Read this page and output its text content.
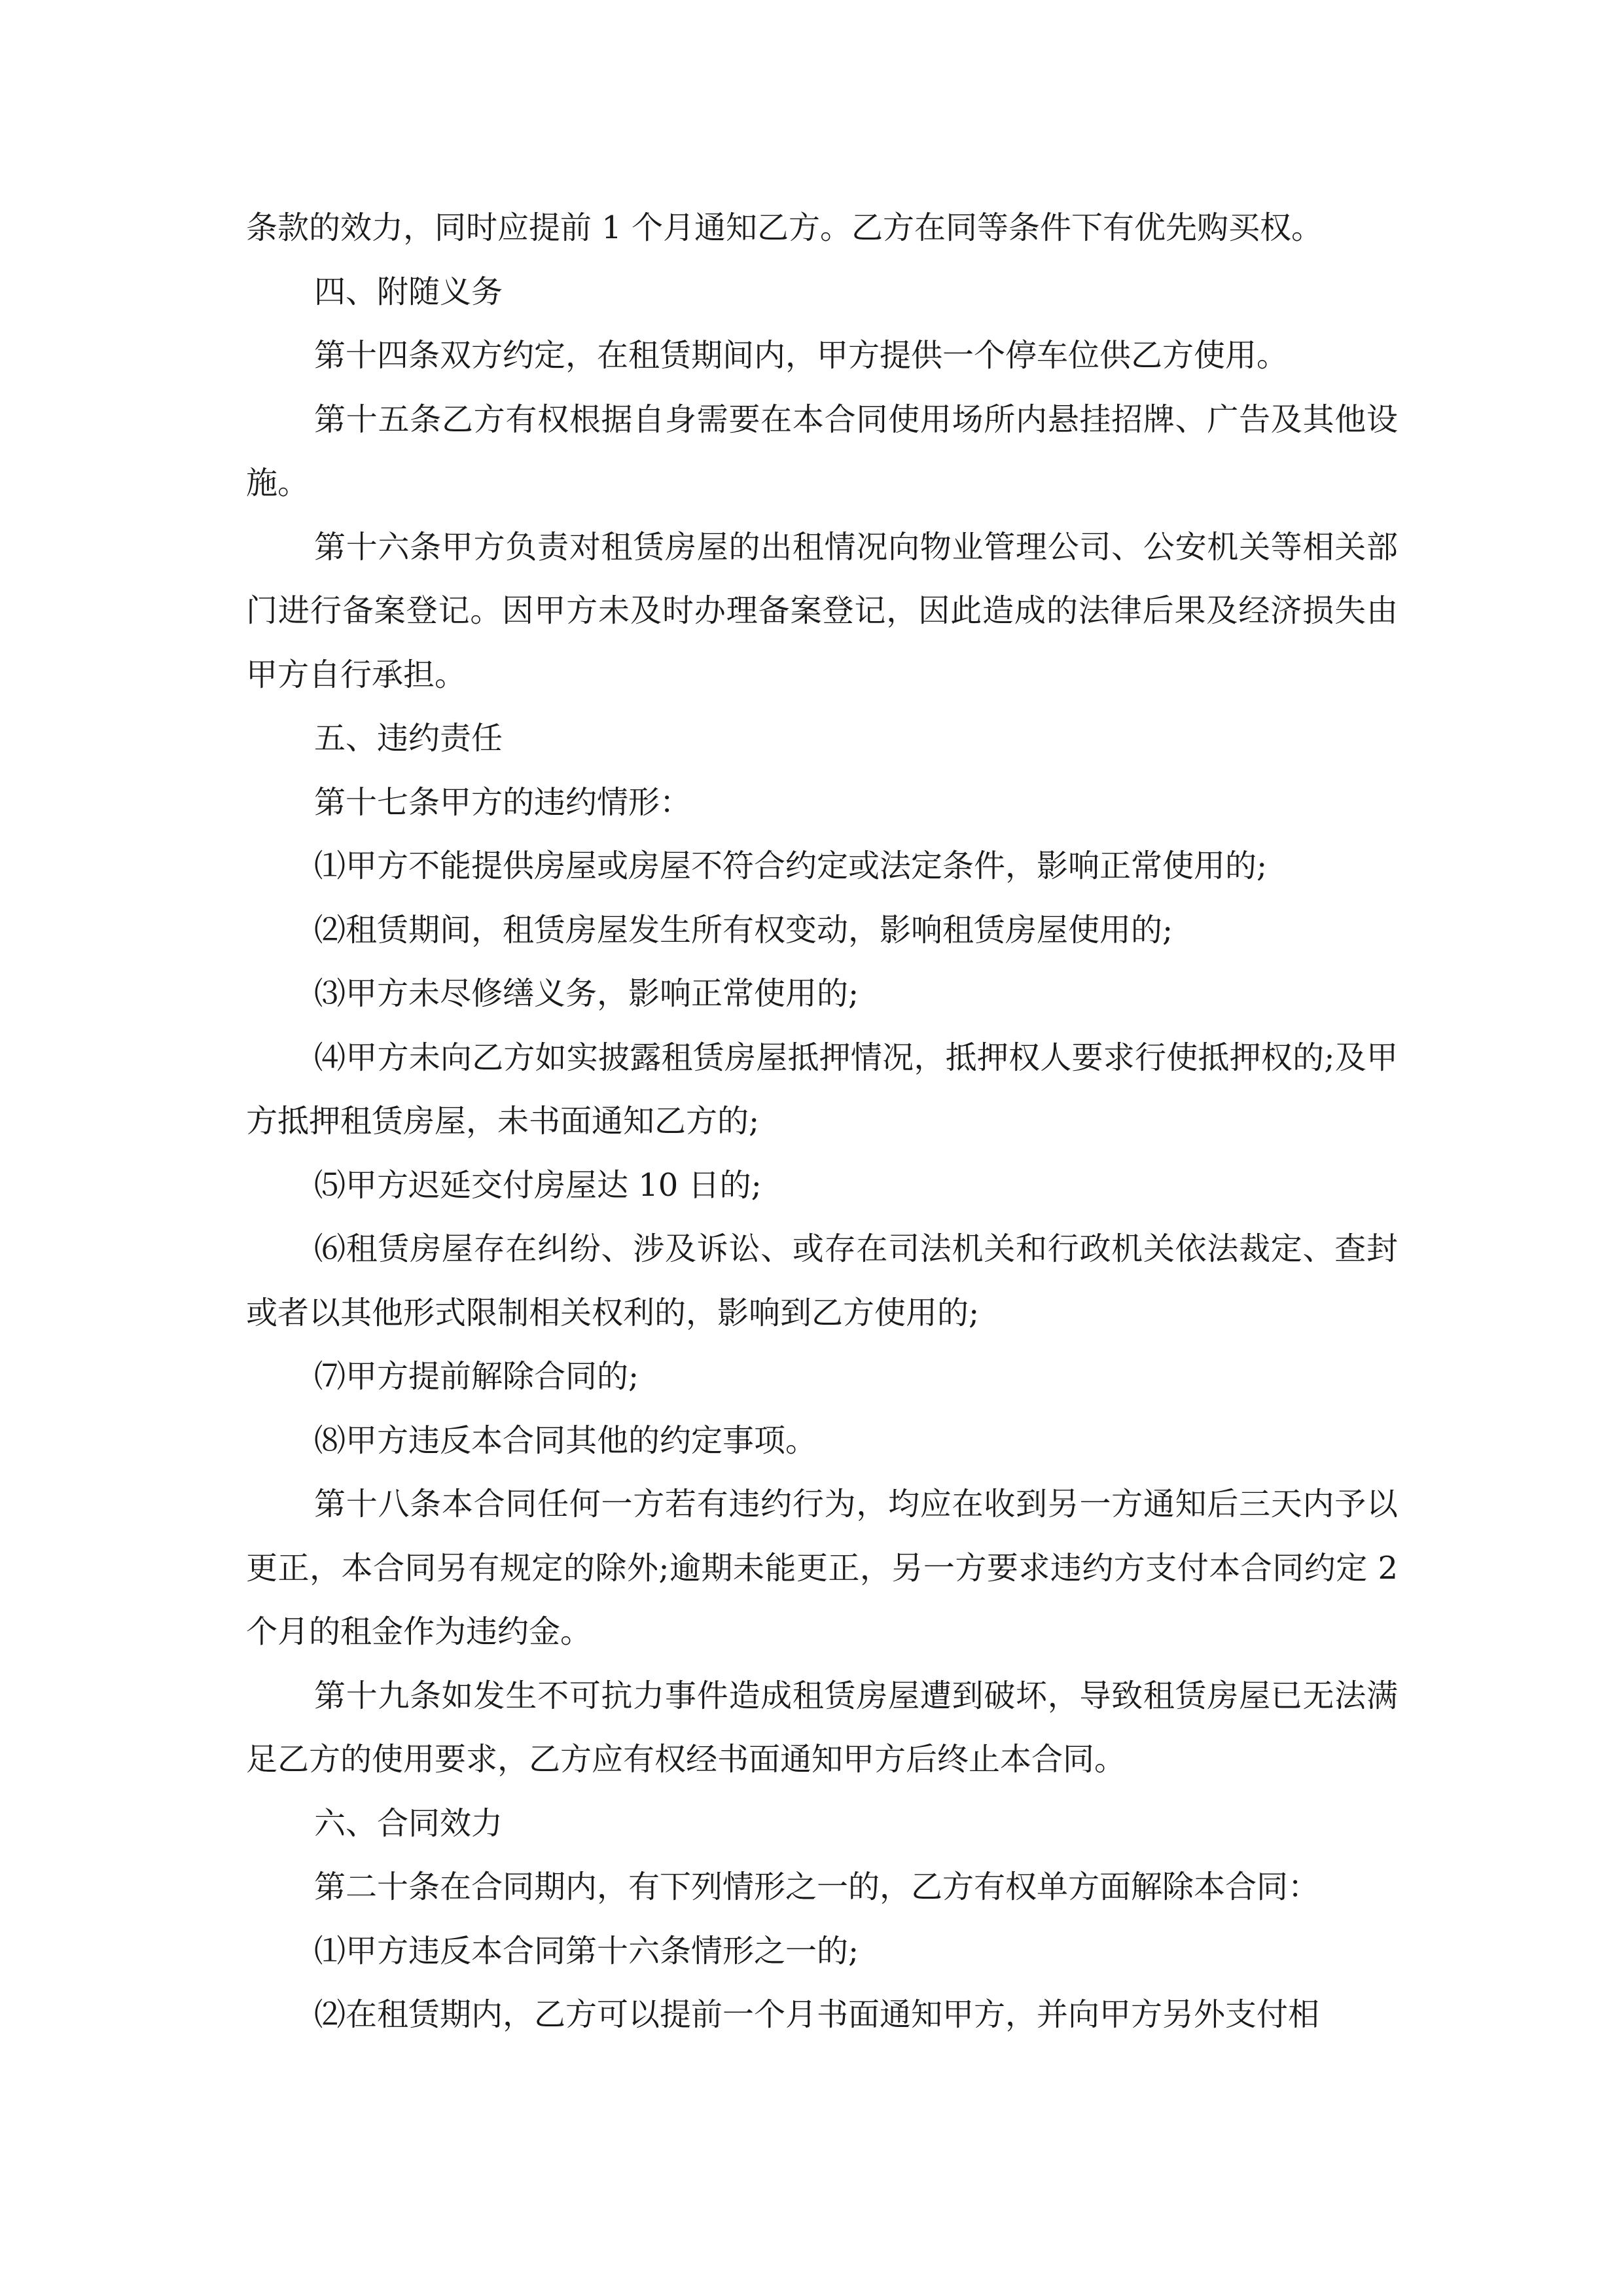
条款的效力，同时应提前 1 个月通知乙方。乙方在同等条件下有优先购买权。

四、附随义务

第十四条双方约定，在租赁期间内，甲方提供一个停车位供乙方使用。

第十五条乙方有权根据自身需要在本合同使用场所内悬挂招牌、广告及其他设施。

第十六条甲方负责对租赁房屋的出租情况向物业管理公司、公安机关等相关部门进行备案登记。因甲方未及时办理备案登记，因此造成的法律后果及经济损失由甲方自行承担。

五、违约责任

第十七条甲方的违约情形：

⑴甲方不能提供房屋或房屋不符合约定或法定条件，影响正常使用的;

⑵租赁期间，租赁房屋发生所有权变动，影响租赁房屋使用的;

⑶甲方未尽修缮义务，影响正常使用的;

⑷甲方未向乙方如实披露租赁房屋抵押情况，抵押权人要求行使抵押权的;及甲方抵押租赁房屋，未书面通知乙方的;

⑸甲方迟延交付房屋达 10 日的;

⑹租赁房屋存在纠纷、涉及诉讼、或存在司法机关和行政机关依法裁定、查封或者以其他形式限制相关权利的，影响到乙方使用的;

⑺甲方提前解除合同的;

⑻甲方违反本合同其他的约定事项。

第十八条本合同任何一方若有违约行为，均应在收到另一方通知后三天内予以更正，本合同另有规定的除外;逾期未能更正，另一方要求违约方支付本合同约定 2 个月的租金作为违约金。

第十九条如发生不可抗力事件造成租赁房屋遭到破坏，导致租赁房屋已无法满足乙方的使用要求，乙方应有权经书面通知甲方后终止本合同。

六、合同效力

第二十条在合同期内，有下列情形之一的，乙方有权单方面解除本合同：

⑴甲方违反本合同第十六条情形之一的;

⑵在租赁期内，乙方可以提前一个月书面通知甲方，并向甲方另外支付相
